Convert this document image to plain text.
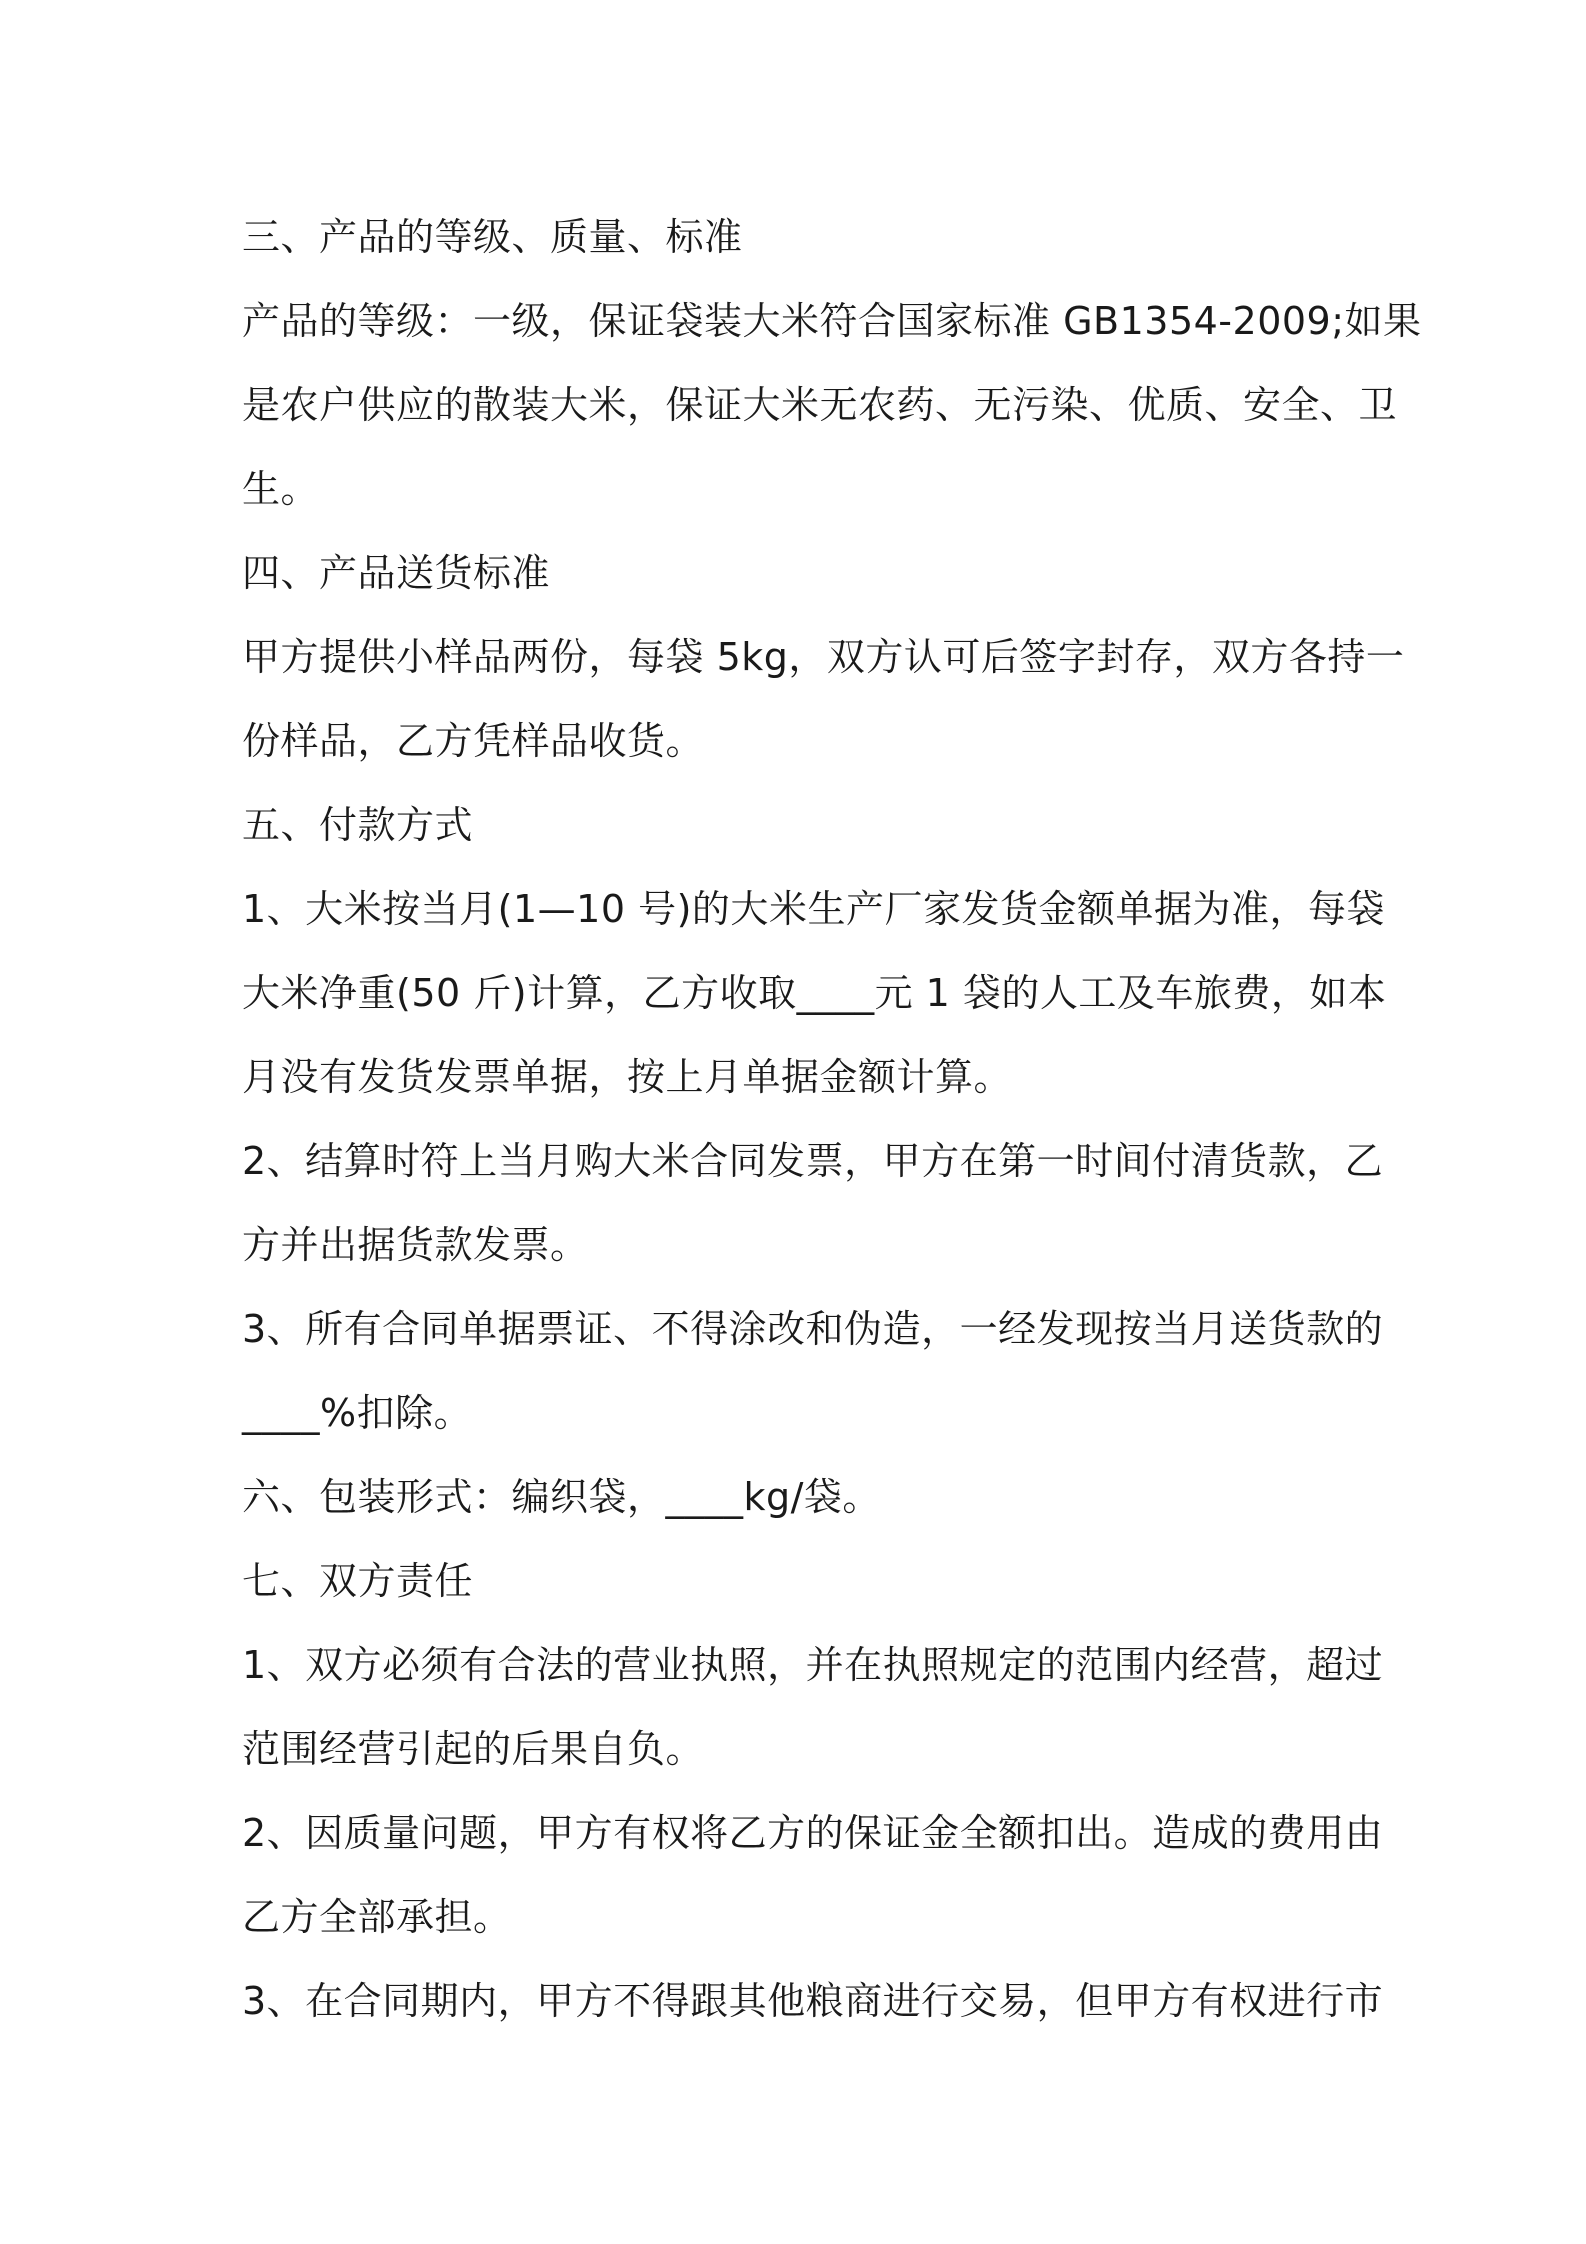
三、产品的等级、质量、标准
产品的等级：一级，保证袋装大米符合国家标准 GB1354-2009;如果
是农户供应的散装大米，保证大米无农药、无污染、优质、安全、卫
生。
四、产品送货标准
甲方提供小样品两份，每袋 5kg，双方认可后签字封存，双方各持一
份样品，乙方凭样品收货。
五、付款方式
1、大米按当月(1—10 号)的大米生产厂家发货金额单据为准，每袋
大米净重(50 斤)计算，乙方收取____元 1 袋的人工及车旅费，如本
月没有发货发票单据，按上月单据金额计算。
2、结算时符上当月购大米合同发票，甲方在第一时间付清货款，乙
方并出据货款发票。
3、所有合同单据票证、不得涂改和伪造，一经发现按当月送货款的
____%扣除。
六、包装形式：编织袋，____kg/袋。
七、双方责任
1、双方必须有合法的营业执照，并在执照规定的范围内经营，超过
范围经营引起的后果自负。
2、因质量问题，甲方有权将乙方的保证金全额扣出。造成的费用由
乙方全部承担。
3、在合同期内，甲方不得跟其他粮商进行交易，但甲方有权进行市
